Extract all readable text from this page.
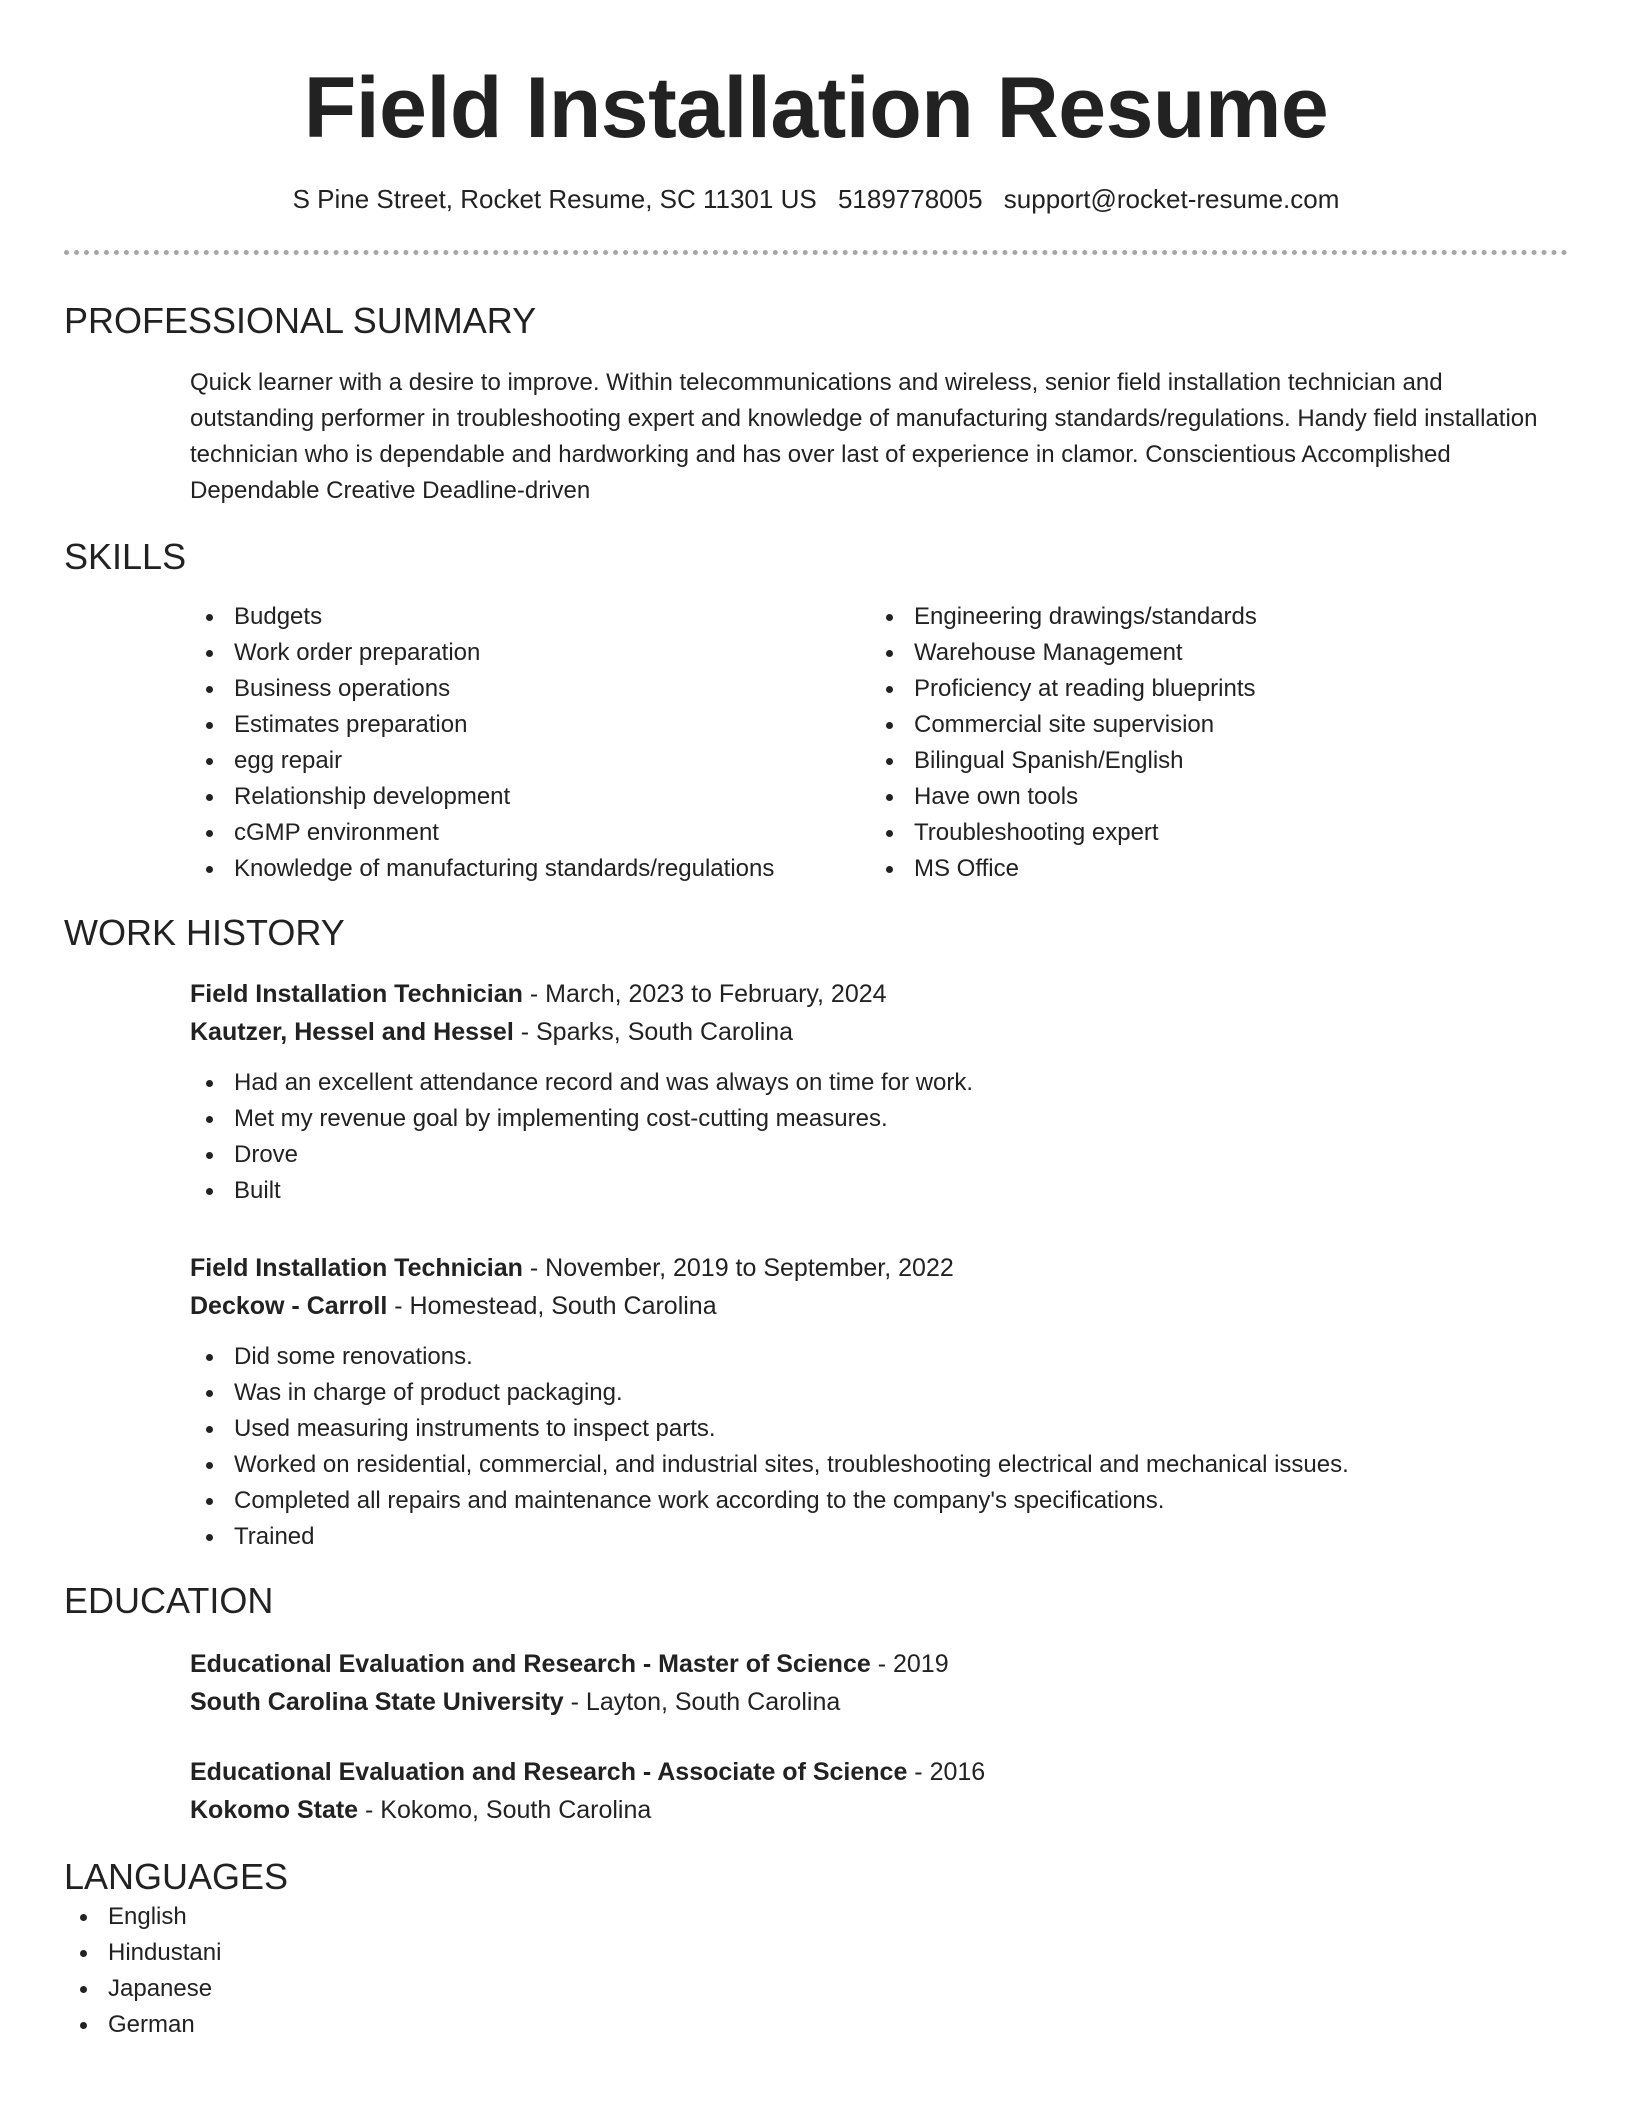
Field Installation Resume
S Pine Street, Rocket Resume, SC 11301 US 5189778005 support@rocket-resume.com
PROFESSIONAL SUMMARY
Quick learner with a desire to improve. Within telecommunications and wireless, senior field installation technician and outstanding performer in troubleshooting expert and knowledge of manufacturing standards/regulations. Handy field installation technician who is dependable and hardworking and has over last of experience in clamor. Conscientious Accomplished Dependable Creative Deadline-driven
SKILLS
Budgets
Work order preparation
Business operations
Estimates preparation
egg repair
Relationship development
cGMP environment
Knowledge of manufacturing standards/regulations
Engineering drawings/standards
Warehouse Management
Proficiency at reading blueprints
Commercial site supervision
Bilingual Spanish/English
Have own tools
Troubleshooting expert
MS Office
WORK HISTORY
Field Installation Technician - March, 2023 to February, 2024
Kautzer, Hessel and Hessel - Sparks, South Carolina
Had an excellent attendance record and was always on time for work.
Met my revenue goal by implementing cost-cutting measures.
Drove
Built
Field Installation Technician - November, 2019 to September, 2022
Deckow - Carroll - Homestead, South Carolina
Did some renovations.
Was in charge of product packaging.
Used measuring instruments to inspect parts.
Worked on residential, commercial, and industrial sites, troubleshooting electrical and mechanical issues.
Completed all repairs and maintenance work according to the company's specifications.
Trained
EDUCATION
Educational Evaluation and Research - Master of Science - 2019
South Carolina State University - Layton, South Carolina
Educational Evaluation and Research - Associate of Science - 2016
Kokomo State - Kokomo, South Carolina
LANGUAGES
English
Hindustani
Japanese
German
